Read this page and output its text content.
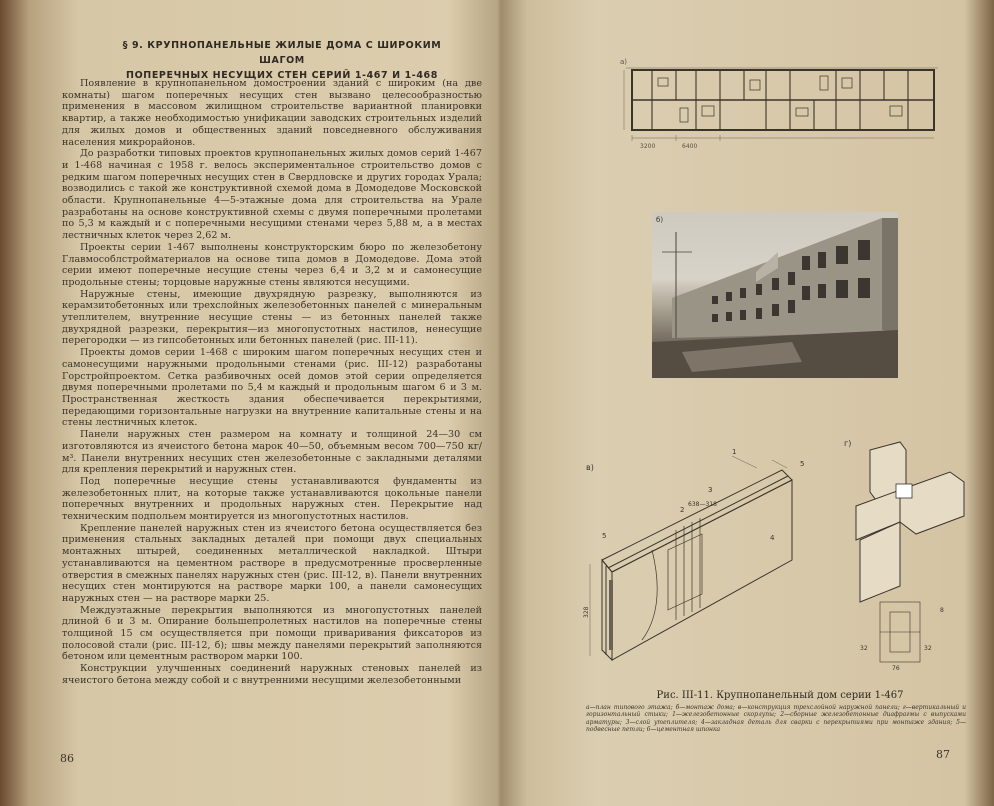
§ 9. КРУПНОПАНЕЛЬНЫЕ ЖИЛЫЕ ДОМА С ШИРОКИМ ШАГОМ
ПОПЕРЕЧНЫХ НЕСУЩИХ СТЕН СЕРИЙ 1-467 И 1-468

Появление в крупнопанельном домостроении зданий с широким (на две комнаты) шагом поперечных несущих стен вызвано целесообразностью применения в массовом жилищном строительстве вариантной планировки квартир, а также необходимостью унификации заводских строительных изделий для жилых домов и общественных зданий повседневного обслуживания населения микрорайонов.

До разработки типовых проектов крупнопанельных жилых домов серий 1-467 и 1-468 начиная с 1958 г. велось экспериментальное строительство домов с редким шагом поперечных несущих стен в Свердловске и других городах Урала; возводились с такой же конструктивной схемой дома в Домодедове Московской области. Крупнопанельные 4—5-этажные дома для строительства на Урале разработаны на основе конструктивной схемы с двумя поперечными пролетами по 5,3 м каждый и с поперечными несущими стенами через 5,88 м, а в местах лестничных клеток через 2,62 м.

Проекты серии 1-467 выполнены конструкторским бюро по железобетону Главмособлстройматериалов на основе типа домов в Домодедове. Дома этой серии имеют поперечные несущие стены через 6,4 и 3,2 м и самонесущие продольные стены; торцовые наружные стены являются несущими.

Наружные стены, имеющие двухрядную разрезку, выполняются из керамзитобетонных или трехслойных железобетонных панелей с минеральным утеплителем, внутренние несущие стены — из бетонных панелей также двухрядной разрезки, перекрытия—из многопустотных настилов, ненесущие перегородки — из гипсобетонных или бетонных панелей (рис. III-11).

Проекты домов серии 1-468 с широким шагом поперечных несущих стен и самонесущими наружными продольными стенами (рис. III-12) разработаны Горстройпроектом. Сетка разбивочных осей домов этой серии определяется двумя поперечными пролетами по 5,4 м каждый и продольным шагом 6 и 3 м. Пространственная жесткость здания обеспечивается перекрытиями, передающими горизонтальные нагрузки на внутренние капитальные стены и на стены лестничных клеток.

Панели наружных стен размером на комнату и толщиной 24—30 см изготовляются из ячеистого бетона марок 40—50, объемным весом 700—750 кг/м³. Панели внутренних несущих стен железобетонные с закладными деталями для крепления перекрытий и наружных стен.

Под поперечные несущие стены устанавливаются фундаменты из железобетонных плит, на которые также устанавливаются цокольные панели поперечных внутренних и продольных наружных стен. Перекрытие над техническим подпольем монтируется из многопустотных настилов.

Крепление панелей наружных стен из ячеистого бетона осуществляется без применения стальных закладных деталей при помощи двух специальных монтажных штырей, соединенных металлической накладкой. Штыри устанавливаются на цементном растворе в предусмотренные просверленные отверстия в смежных панелях наружных стен (рис. III-12, в). Панели внутренних несущих стен монтируются на растворе марки 100, а панели самонесущих наружных стен — на растворе марки 25.

Междуэтажные перекрытия выполняются из многопустотных панелей длиной 6 и 3 м. Опирание большепролетных настилов на поперечные стены толщиной 15 см осуществляется при помощи приваривания фиксаторов из полосовой стали (рис. III-12, б); швы между панелями перекрытий заполняются бетоном или цементным раствором марки 100.

Конструкции улучшенных соединений наружных стеновых панелей из ячеистого бетона между собой и с внутренними несущими железобетонными

86
а)
3200	6400
б)
в)
1
2
3
4
5
5
638—318
328
г)
8
32	32
76
Рис. III-11. Крупнопанельный дом серии 1-467
а—план типового этажа; б—монтаж дома; в—конструкция трехслойной наружной панели; г—вертикальный и горизонтальный стыки; 1—железобетонные скорлупы; 2—сборные железобетонные диафрагмы с выпусками арматуры; 3—слой утеплителя; 4—закладная деталь для сварки с перекрытиями при монтаже здания; 5—подвесные петли; 6—цементная шпонка
87
